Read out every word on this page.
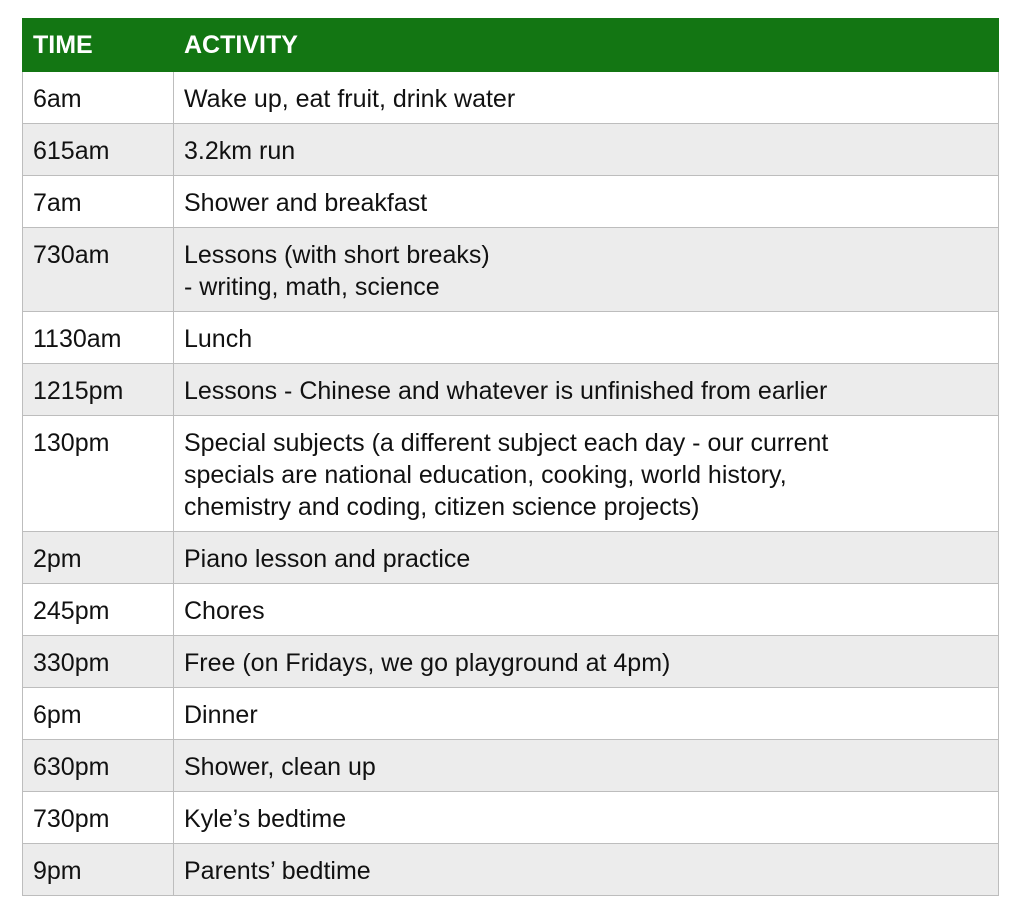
TIME	ACTIVITY
6am	Wake up, eat fruit, drink water
615am	3.2km run
7am	Shower and breakfast
730am	Lessons (with short breaks)
- writing, math, science
1130am	Lunch
1215pm	Lessons - Chinese and whatever is unfinished from earlier
130pm	Special subjects (a different subject each day - our current
specials are national education, cooking, world history,
chemistry and coding, citizen science projects)
2pm	Piano lesson and practice
245pm	Chores
330pm	Free (on Fridays, we go playground at 4pm)
6pm	Dinner
630pm	Shower, clean up
730pm	Kyle’s bedtime
9pm	Parents’ bedtime
